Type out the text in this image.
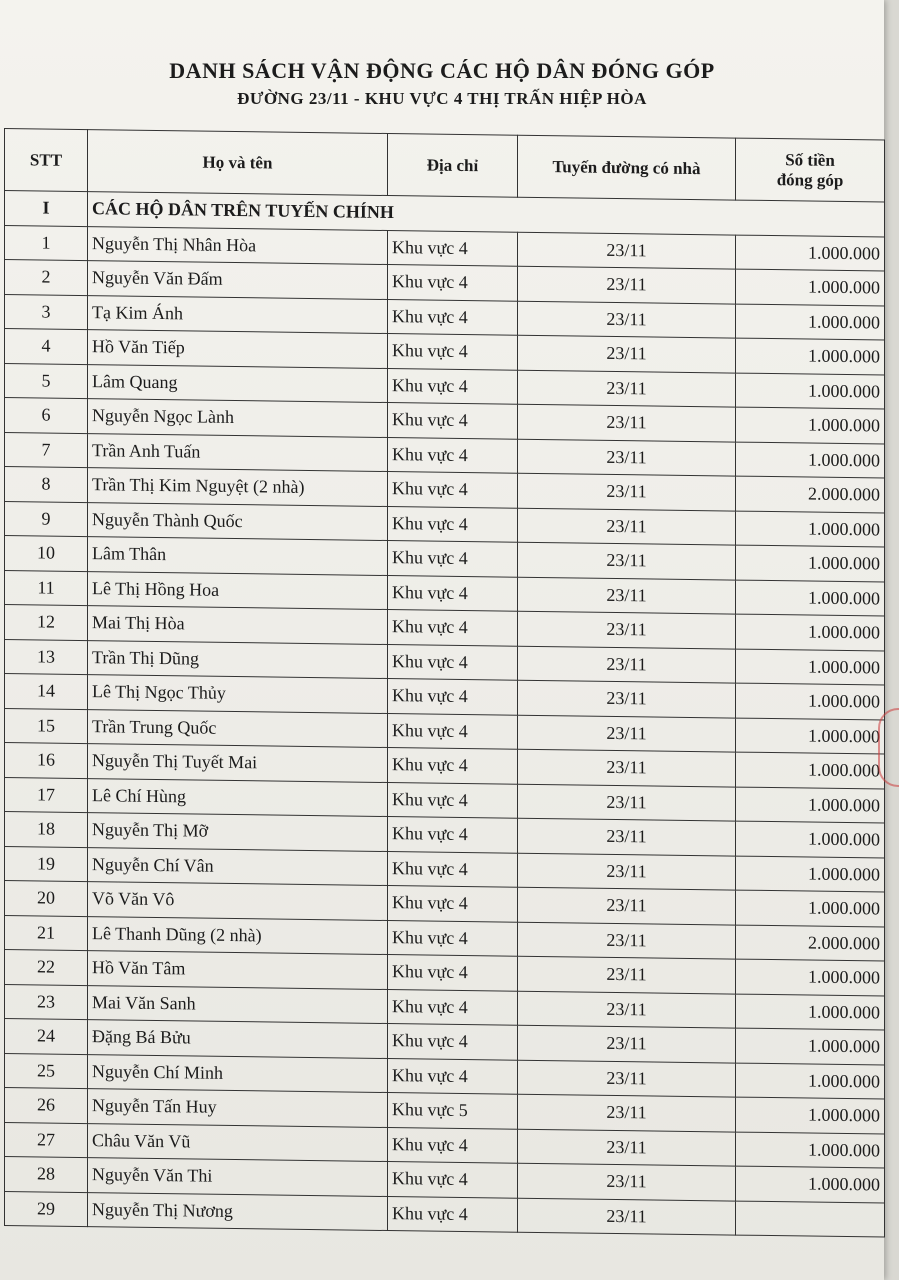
DANH SÁCH VẬN ĐỘNG CÁC HỘ DÂN ĐÓNG GÓP
ĐƯỜNG 23/11 - KHU VỰC 4 THỊ TRẤN HIỆP HÒA
STT	Họ và tên	Địa chỉ	Tuyến đường có nhà	Số tiền
đóng góp

I	CÁC HỘ DÂN TRÊN TUYẾN CHÍNH			
1	Nguyễn Thị Nhân Hòa	Khu vực 4	23/11	1.000.000
2	Nguyễn Văn Đấm	Khu vực 4	23/11	1.000.000
3	Tạ Kim Ánh	Khu vực 4	23/11	1.000.000
4	Hồ Văn Tiếp	Khu vực 4	23/11	1.000.000
5	Lâm Quang	Khu vực 4	23/11	1.000.000
6	Nguyễn Ngọc Lành	Khu vực 4	23/11	1.000.000
7	Trần Anh Tuấn	Khu vực 4	23/11	1.000.000
8	Trần Thị Kim Nguyệt (2 nhà)	Khu vực 4	23/11	2.000.000
9	Nguyễn Thành Quốc	Khu vực 4	23/11	1.000.000
10	Lâm Thân	Khu vực 4	23/11	1.000.000
11	Lê Thị Hồng Hoa	Khu vực 4	23/11	1.000.000
12	Mai Thị Hòa	Khu vực 4	23/11	1.000.000
13	Trần Thị Dũng	Khu vực 4	23/11	1.000.000
14	Lê Thị Ngọc Thủy	Khu vực 4	23/11	1.000.000
15	Trần Trung Quốc	Khu vực 4	23/11	1.000.000
16	Nguyễn Thị Tuyết Mai	Khu vực 4	23/11	1.000.000
17	Lê Chí Hùng	Khu vực 4	23/11	1.000.000
18	Nguyễn Thị Mỡ	Khu vực 4	23/11	1.000.000
19	Nguyễn Chí Vân	Khu vực 4	23/11	1.000.000
20	Võ Văn Vô	Khu vực 4	23/11	1.000.000
21	Lê Thanh Dũng (2 nhà)	Khu vực 4	23/11	2.000.000
22	Hồ Văn Tâm	Khu vực 4	23/11	1.000.000
23	Mai Văn Sanh	Khu vực 4	23/11	1.000.000
24	Đặng Bá Bửu	Khu vực 4	23/11	1.000.000
25	Nguyễn Chí Minh	Khu vực 4	23/11	1.000.000
26	Nguyễn Tấn Huy	Khu vực 5	23/11	1.000.000
27	Châu Văn Vũ	Khu vực 4	23/11	1.000.000
28	Nguyễn Văn Thi	Khu vực 4	23/11	1.000.000
29	Nguyễn Thị Nương	Khu vực 4	23/11	
